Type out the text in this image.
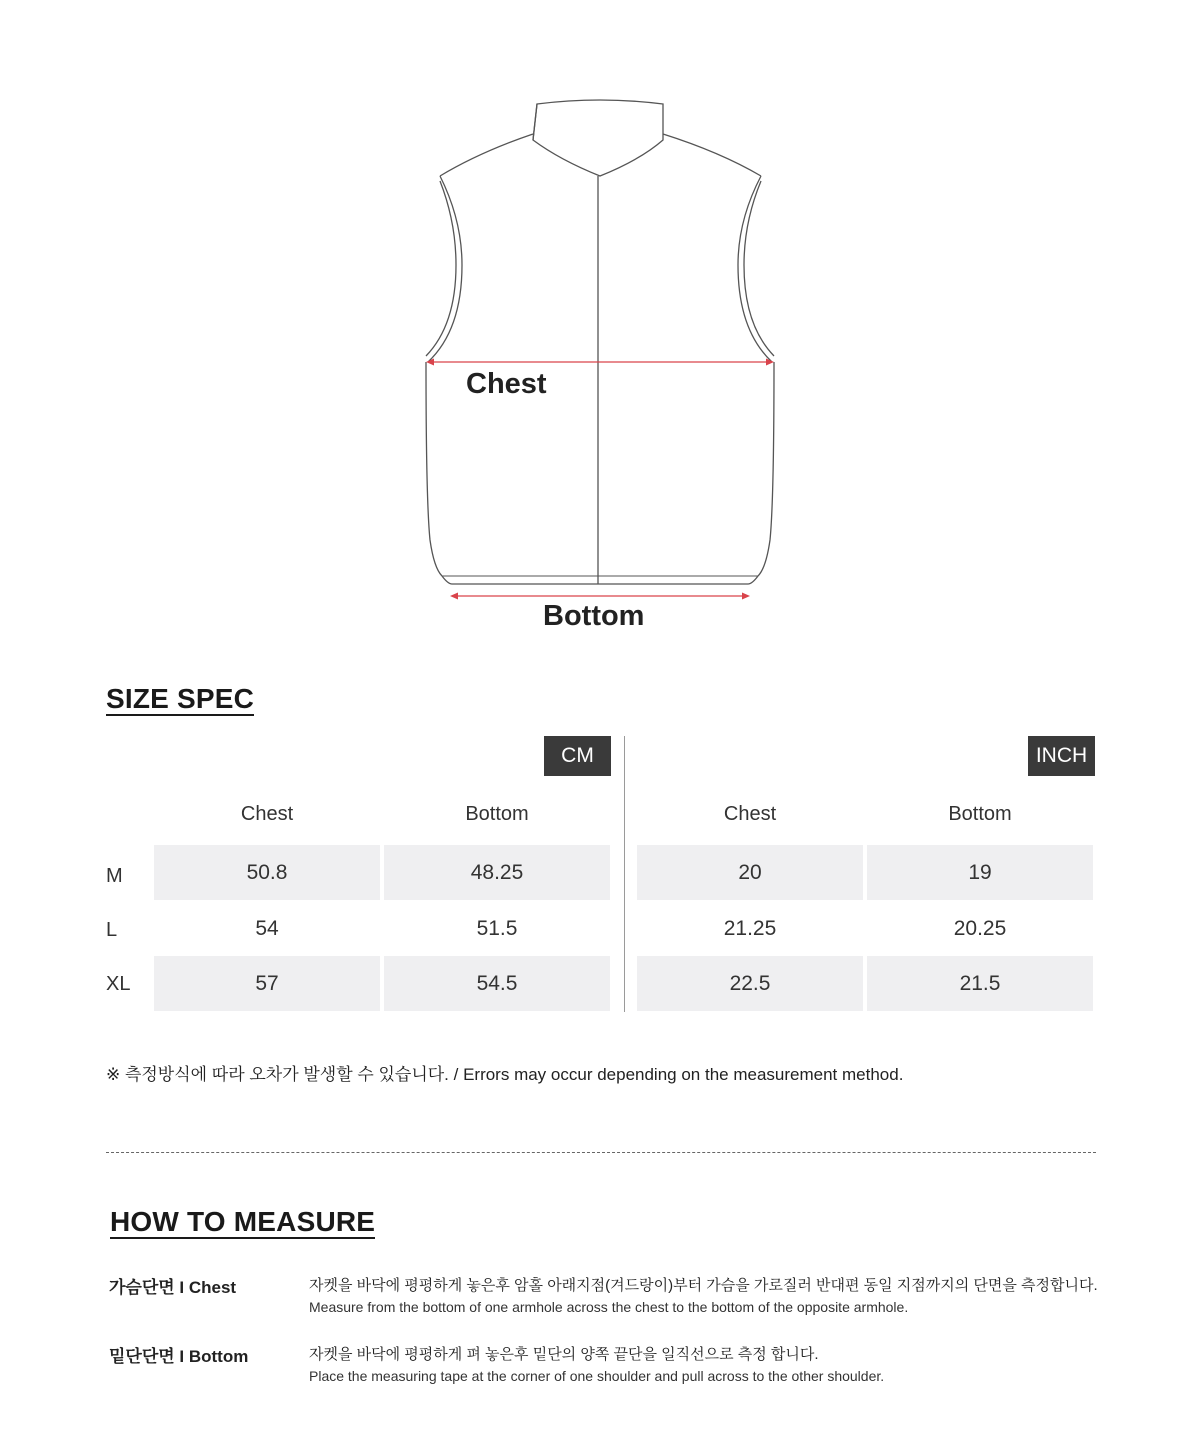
Chest
Bottom
SIZE SPEC
CM	INCH
Chest	Bottom	Chest	Bottom
M	50.8	48.25	20	19
L	54	51.5	21.25	20.25
XL	57	54.5	22.5	21.5
※ 측정방식에 따라 오차가 발생할 수 있습니다. / Errors may occur depending on the measurement method.
HOW TO MEASURE
가슴단면 I Chest	자켓을 바닥에 평평하게 놓은후 암홀 아래지점(겨드랑이)부터 가슴을 가로질러 반대편 동일 지점까지의 단면을 측정합니다.
Measure from the bottom of one armhole across the chest to the bottom of the opposite armhole.
밑단단면 I Bottom	자켓을 바닥에 평평하게 펴 놓은후 밑단의 양쪽 끝단을 일직선으로 측정 합니다.
Place the measuring tape at the corner of one shoulder and pull across to the other shoulder.
